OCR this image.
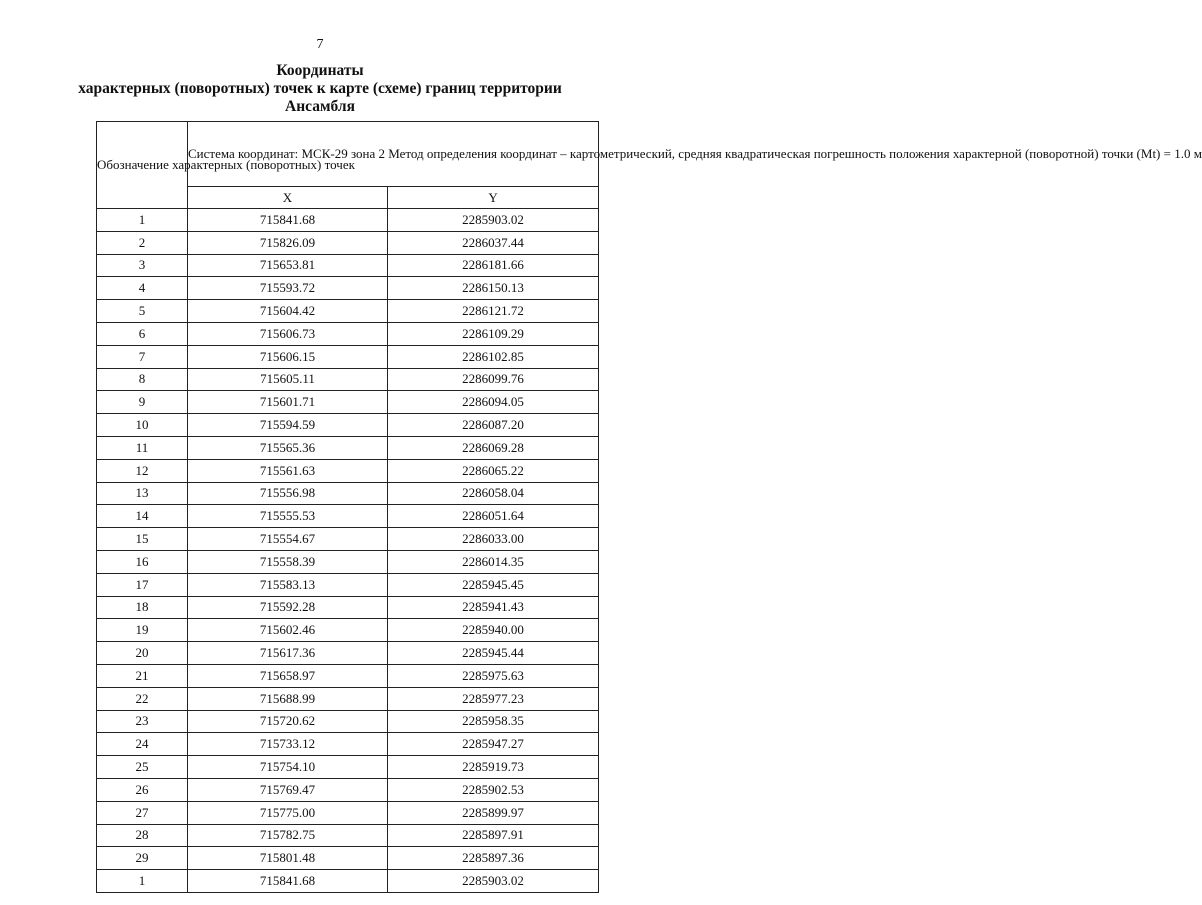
7
Координаты
характерных (поворотных) точек к карте (схеме) границ территории
Ансамбля
Обозначение характерных (поворотных) точек	Система координат: МСК-29 зона 2 Метод определения координат – картометрический, средняя квадратическая погрешность положения характерной (поворотной) точки (Mt) = 1.0 м	
	X	Y
1	715841.68	2285903.02
2	715826.09	2286037.44
3	715653.81	2286181.66
4	715593.72	2286150.13
5	715604.42	2286121.72
6	715606.73	2286109.29
7	715606.15	2286102.85
8	715605.11	2286099.76
9	715601.71	2286094.05
10	715594.59	2286087.20
11	715565.36	2286069.28
12	715561.63	2286065.22
13	715556.98	2286058.04
14	715555.53	2286051.64
15	715554.67	2286033.00
16	715558.39	2286014.35
17	715583.13	2285945.45
18	715592.28	2285941.43
19	715602.46	2285940.00
20	715617.36	2285945.44
21	715658.97	2285975.63
22	715688.99	2285977.23
23	715720.62	2285958.35
24	715733.12	2285947.27
25	715754.10	2285919.73
26	715769.47	2285902.53
27	715775.00	2285899.97
28	715782.75	2285897.91
29	715801.48	2285897.36
1	715841.68	2285903.02
